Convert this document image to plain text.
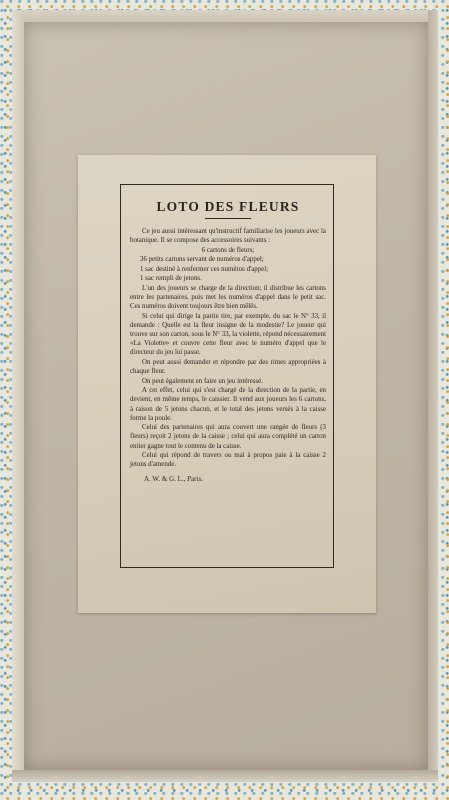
LOTO DES FLEURS

Ce jeu aussi intéressant qu'instructif familiarise les joueurs avec la botanique. Il se compose des accessoires suivants :

6 cartons de fleurs;

36 petits cartons servant de numéros d'appel;

1 sac destiné à renfermer ces numéros d'appel;

1 sac rempli de jetons.

L'un des joueurs se charge de la direction; il distribue les cartons entre les partenaires, puis met les numéros d'appel dans le petit sac. Ces numéros doivent toujours être bien mêlés.

Si celui qui dirige la partie tire, par exemple, du sac le N° 33, il demande : Quelle est la fleur insigne de la modestie? Le joueur qui trouve sur son carton, sous le N° 33, la violette, répond nécessairement «La Violette» et couvre cette fleur avec le numéro d'appel que le directeur du jeu lui passe.

On peut aussi demander et répondre par des rimes appropriées à chaque fleur.

On peut également en faire un jeu intéressé.

A cet effet, celui qui s'est chargé de la direction de la partie, en devient, en même temps, le caissier. Il vend aux joueurs les 6 cartons, à raison de 5 jetons chacun, et le total des jetons versés à la caisse forme la poule.

Celui des partenaires qui aura couvert une rangée de fleurs (3 fleurs) reçoit 2 jetons de la caisse ; celui qui aura complété un carton entier gagne tout le contenu de la caisse.

Celui qui répond de travers ou mal à propos paie à la caisse 2 jetons d'amende.

A. W. & G. L., Paris.
